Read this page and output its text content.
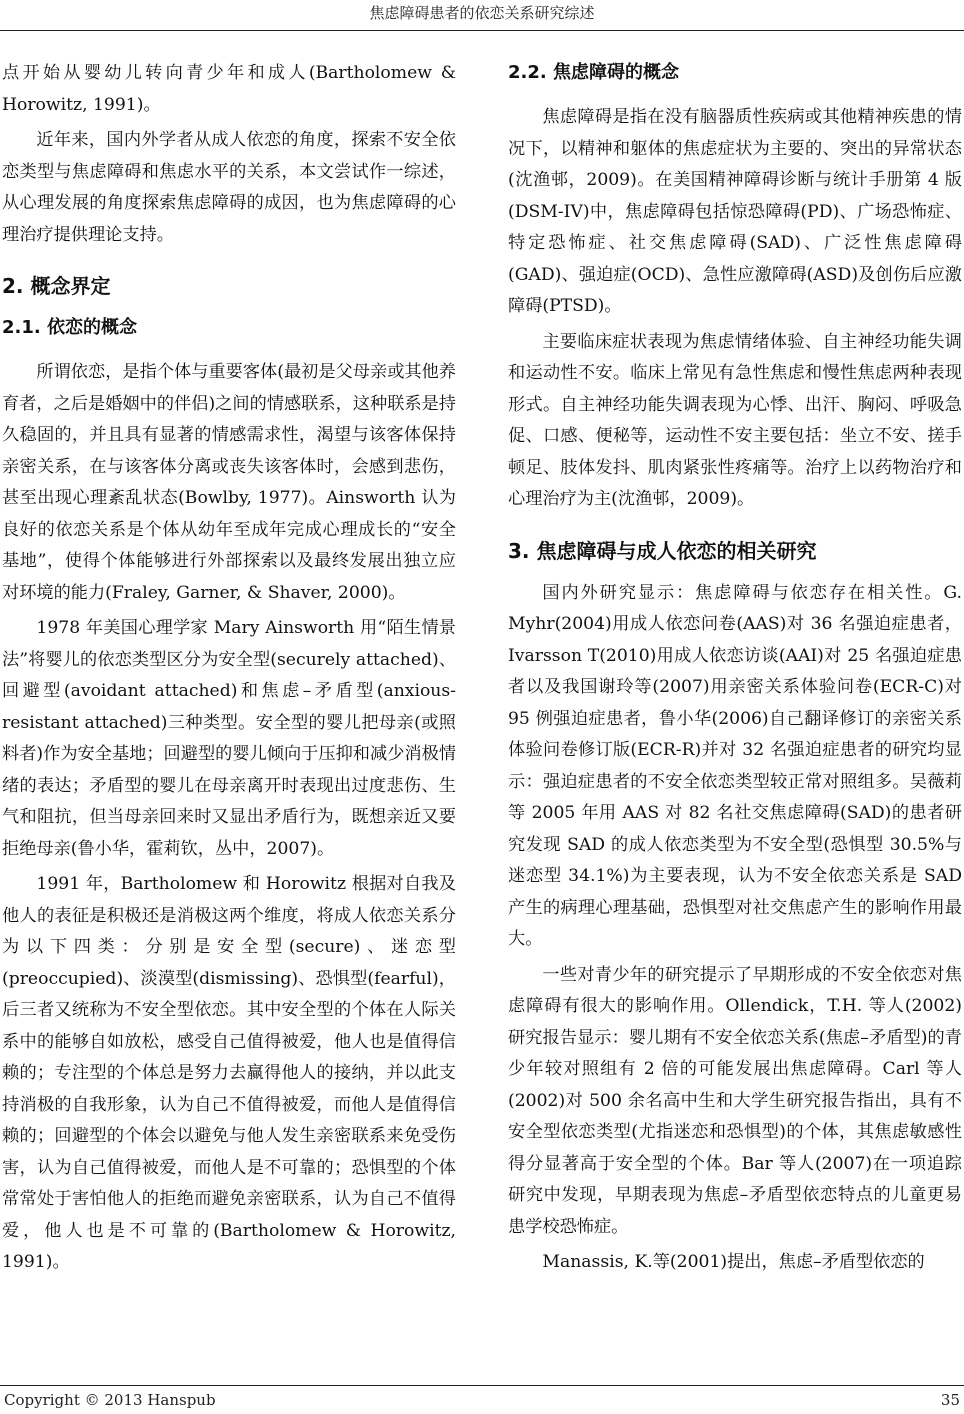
焦虑障碍患者的依恋关系研究综述

点开始从婴幼儿转向青少年和成人(Bartholomew & Horowitz, 1991)。

近年来，国内外学者从成人依恋的角度，探索不安全依恋类型与焦虑障碍和焦虑水平的关系，本文尝试作一综述，从心理发展的角度探索焦虑障碍的成因，也为焦虑障碍的心理治疗提供理论支持。

2. 概念界定
2.1. 依恋的概念

所谓依恋，是指个体与重要客体(最初是父母亲或其他养育者，之后是婚姻中的伴侣)之间的情感联系，这种联系是持久稳固的，并且具有显著的情感需求性，渴望与该客体保持亲密关系，在与该客体分离或丧失该客体时，会感到悲伤，甚至出现心理紊乱状态(Bowlby, 1977)。Ainsworth 认为良好的依恋关系是个体从幼年至成年完成心理成长的“安全基地”，使得个体能够进行外部探索以及最终发展出独立应对环境的能力(Fraley, Garner, & Shaver, 2000)。

1978 年美国心理学家 Mary Ainsworth 用“陌生情景法”将婴儿的依恋类型区分为安全型(securely attached)、回避型(avoidant attached)和焦虑–矛盾型(anxious-resistant attached)三种类型。安全型的婴儿把母亲(或照料者)作为安全基地；回避型的婴儿倾向于压抑和减少消极情绪的表达；矛盾型的婴儿在母亲离开时表现出过度悲伤、生气和阻抗，但当母亲回来时又显出矛盾行为，既想亲近又要拒绝母亲(鲁小华，霍莉钦，丛中，2007)。

1991 年，Bartholomew 和 Horowitz 根据对自我及他人的表征是积极还是消极这两个维度，将成人依恋关系分为以下四类：分别是安全型(secure)、迷恋型(preoccupied)、淡漠型(dismissing)、恐惧型(fearful)，后三者又统称为不安全型依恋。其中安全型的个体在人际关系中的能够自如放松，感受自己值得被爱，他人也是值得信赖的；专注型的个体总是努力去赢得他人的接纳，并以此支持消极的自我形象，认为自己不值得被爱，而他人是值得信赖的；回避型的个体会以避免与他人发生亲密联系来免受伤害，认为自己值得被爱，而他人是不可靠的；恐惧型的个体常常处于害怕他人的拒绝而避免亲密联系，认为自己不值得爱，他人也是不可靠的(Bartholomew & Horowitz, 1991)。

2.2. 焦虑障碍的概念

焦虑障碍是指在没有脑器质性疾病或其他精神疾患的情况下，以精神和躯体的焦虑症状为主要的、突出的异常状态(沈渔邨，2009)。在美国精神障碍诊断与统计手册第 4 版(DSM-IV)中，焦虑障碍包括惊恐障碍(PD)、广场恐怖症、特定恐怖症、社交焦虑障碍(SAD)、广泛性焦虑障碍(GAD)、强迫症(OCD)、急性应激障碍(ASD)及创伤后应激障碍(PTSD)。

主要临床症状表现为焦虑情绪体验、自主神经功能失调和运动性不安。临床上常见有急性焦虑和慢性焦虑两种表现形式。自主神经功能失调表现为心悸、出汗、胸闷、呼吸急促、口感、便秘等，运动性不安主要包括：坐立不安、搓手顿足、肢体发抖、肌肉紧张性疼痛等。治疗上以药物治疗和心理治疗为主(沈渔邨，2009)。

3. 焦虑障碍与成人依恋的相关研究

国内外研究显示：焦虑障碍与依恋存在相关性。G. Myhr(2004)用成人依恋问卷(AAS)对 36 名强迫症患者，Ivarsson T(2010)用成人依恋访谈(AAI)对 25 名强迫症患者以及我国谢玲等(2007)用亲密关系体验问卷(ECR-C)对 95 例强迫症患者，鲁小华(2006)自己翻译修订的亲密关系体验问卷修订版(ECR-R)并对 32 名强迫症患者的研究均显示：强迫症患者的不安全依恋类型较正常对照组多。吴薇莉等 2005 年用 AAS 对 82 名社交焦虑障碍(SAD)的患者研究发现 SAD 的成人依恋类型为不安全型(恐惧型 30.5%与迷恋型 34.1%)为主要表现，认为不安全依恋关系是 SAD 产生的病理心理基础，恐惧型对社交焦虑产生的影响作用最大。

一些对青少年的研究提示了早期形成的不安全依恋对焦虑障碍有很大的影响作用。Ollendick，T.H. 等人(2002)研究报告显示：婴儿期有不安全依恋关系(焦虑–矛盾型)的青少年较对照组有 2 倍的可能发展出焦虑障碍。Carl 等人(2002)对 500 余名高中生和大学生研究报告指出，具有不安全型依恋类型(尤指迷恋和恐惧型)的个体，其焦虑敏感性得分显著高于安全型的个体。Bar 等人(2007)在一项追踪研究中发现，早期表现为焦虑–矛盾型依恋特点的儿童更易患学校恐怖症。

Manassis, K.等(2001)提出，焦虑–矛盾型依恋的

Copyright © 2013 Hanspub	35
